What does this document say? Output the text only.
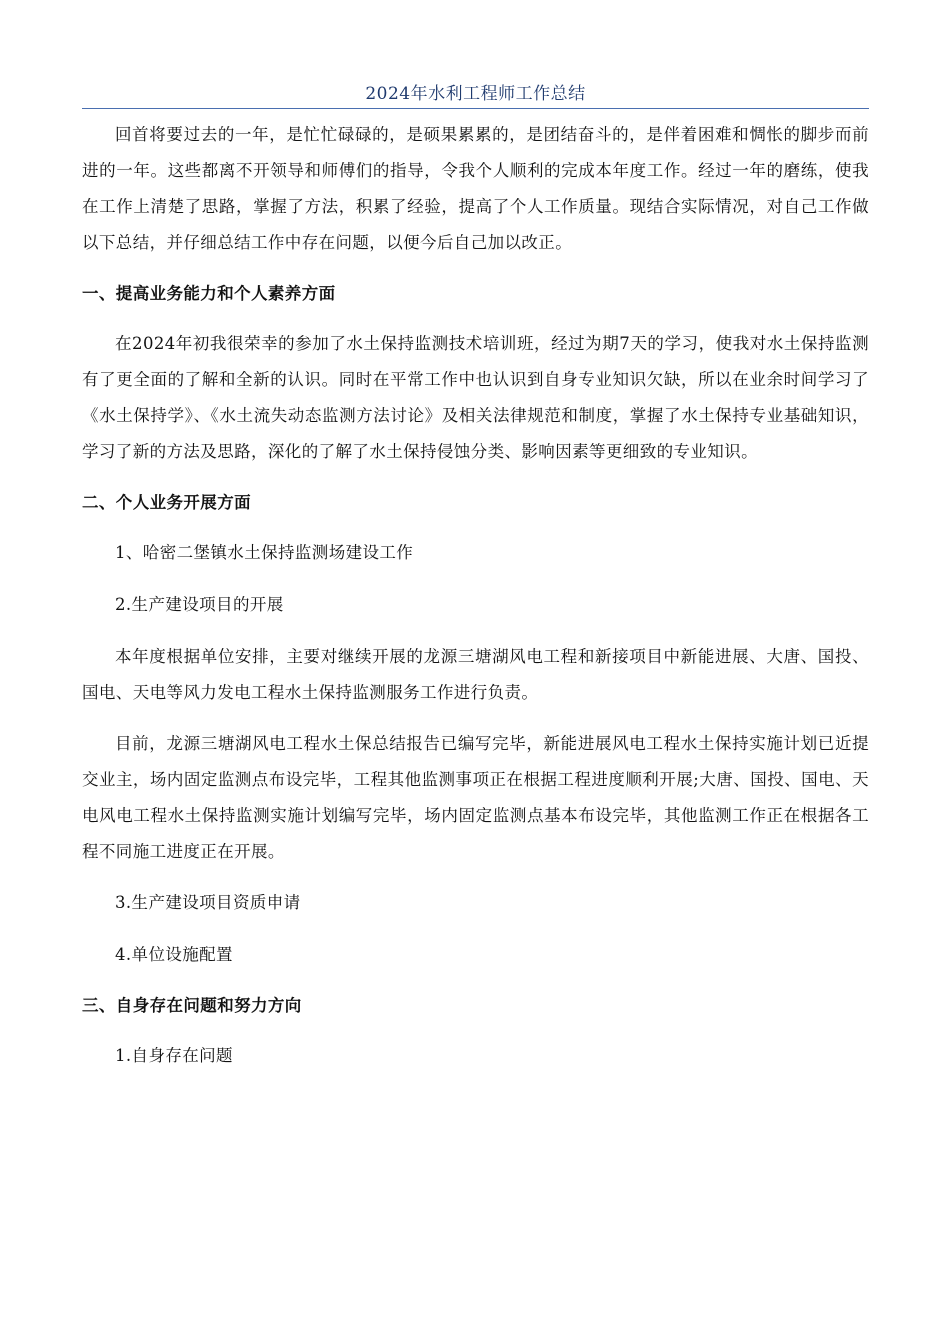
2024年水利工程师工作总结

回首将要过去的一年，是忙忙碌碌的，是硕果累累的，是团结奋斗的，是伴着困难和惆怅的脚步而前进的一年。这些都离不开领导和师傅们的指导，令我个人顺利的完成本年度工作。经过一年的磨练，使我在工作上清楚了思路，掌握了方法，积累了经验，提高了个人工作质量。现结合实际情况，对自己工作做以下总结，并仔细总结工作中存在问题，以便今后自己加以改正。

一、提高业务能力和个人素养方面

在2024年初我很荣幸的参加了水土保持监测技术培训班，经过为期7天的学习，使我对水土保持监测有了更全面的了解和全新的认识。同时在平常工作中也认识到自身专业知识欠缺，所以在业余时间学习了《水土保持学》、《水土流失动态监测方法讨论》及相关法律规范和制度，掌握了水土保持专业基础知识，学习了新的方法及思路，深化的了解了水土保持侵蚀分类、影响因素等更细致的专业知识。

二、个人业务开展方面

1、哈密二堡镇水土保持监测场建设工作

2.生产建设项目的开展

本年度根据单位安排，主要对继续开展的龙源三塘湖风电工程和新接项目中新能进展、大唐、国投、国电、天电等风力发电工程水土保持监测服务工作进行负责。

目前，龙源三塘湖风电工程水土保总结报告已编写完毕，新能进展风电工程水土保持实施计划已近提交业主，场内固定监测点布设完毕，工程其他监测事项正在根据工程进度顺利开展;大唐、国投、国电、天电风电工程水土保持监测实施计划编写完毕，场内固定监测点基本布设完毕，其他监测工作正在根据各工程不同施工进度正在开展。

3.生产建设项目资质申请

4.单位设施配置

三、自身存在问题和努力方向

1.自身存在问题
